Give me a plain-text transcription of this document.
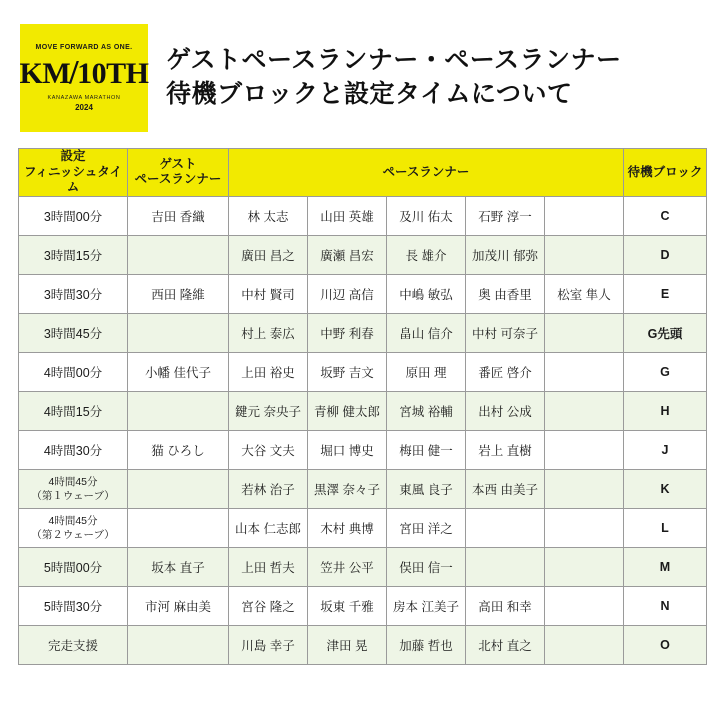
MOVE FORWARD AS ONE.
KM / 10TH
KANAZAWA MARATHON
2024
ゲストペースランナー・ペースランナー
待機ブロックと設定タイムについて
設定
フィニッシュタイム

ゲスト
ペースランナー
	ペースランナー	待機ブロック

3時間00分	吉田 香織	林 太志	山田 英雄	及川 佑太	石野 淳一		C

3時間15分		廣田 昌之	廣瀬 昌宏	長 雄介	加茂川 郁弥		D

3時間30分	西田 隆維	中村 賢司	川辺 高信	中嶋 敏弘	奥 由香里	松室 隼人	E

3時間45分		村上 泰広	中野 利春	畠山 信介	中村 可奈子		G先頭

4時間00分	小幡 佳代子	上田 裕史	坂野 吉文	原田 理	番匠 啓介		G

4時間15分		鍵元 奈央子	青柳 健太郎	宮城 裕輔	出村 公成		H

4時間30分	猫 ひろし	大谷 文夫	堀口 博史	梅田 健一	岩上 直樹		J

4時間45分
（第１ウェーブ）		若林 治子	黒澤 奈々子	東風 良子	本西 由美子		K

4時間45分
（第２ウェーブ）		山本 仁志郎	木村 典博	宮田 洋之			L

5時間00分	坂本 直子	上田 哲夫	笠井 公平	俣田 信一			M

5時間30分	市河 麻由美	宮谷 隆之	坂東 千雅	房本 江美子	高田 和幸		N

完走支援		川島 幸子	津田 晃	加藤 哲也	北村 直之		O
